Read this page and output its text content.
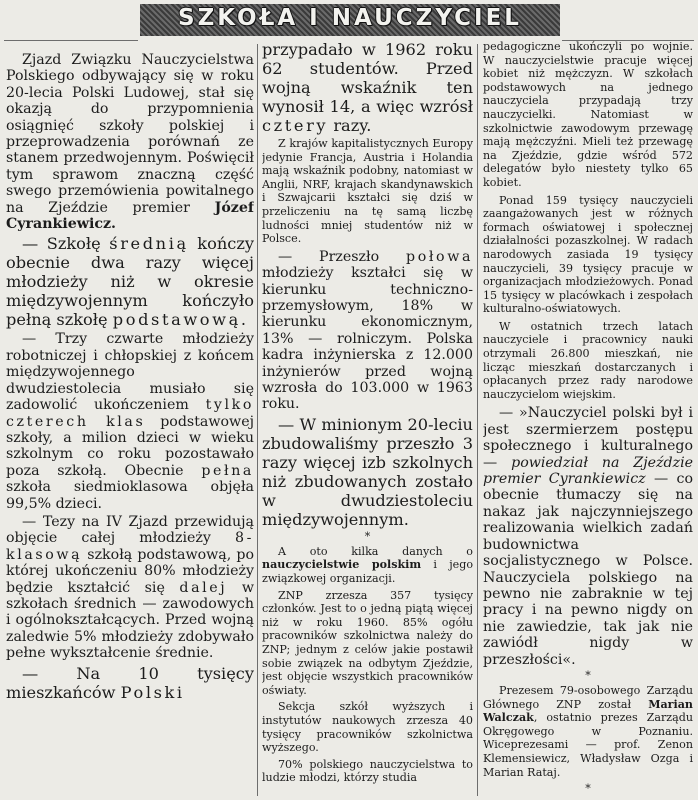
SZKOŁA I NAUCZYCIEL

Zjazd Związku Nauczycielstwa Polskiego odbywający się w roku 20-lecia Polski Ludowej, stał się okazją do przypomnienia osiągnięć szkoły polskiej i przeprowadzenia porównań ze stanem przedwojennym. Poświęcił tym sprawom znaczną część swego przemówienia powitalnego na Zjeździe premier Józef Cyrankiewicz.

— Szkołę średnią kończy obecnie dwa razy więcej młodzieży niż w okresie międzywojennym kończyło pełną szkołę podstawową.

— Trzy czwarte młodzieży robotniczej i chłopskiej z końcem międzywojennego dwudziestolecia musiało się zadowolić ukończeniem tylko czterech klas podstawowej szkoły, a milion dzieci w wieku szkolnym co roku pozostawało poza szkołą. Obecnie pełna szkoła siedmioklasowa objęła 99,5% dzieci.

— Tezy na IV Zjazd przewidują objęcie całej młodzieży 8-klasową szkołą podstawową, po której ukończeniu 80% młodzieży będzie kształcić się dalej w szkołach średnich — zawodowych i ogólnokształcących. Przed wojną zaledwie 5% młodzieży zdobywało pełne wykształcenie średnie.

— Na 10 tysięcy mieszkańców Polski

przypadało w 1962 roku 62 studentów. Przed wojną wskaźnik ten wynosił 14, a więc wzrósł cztery razy.

Z krajów kapitalistycznych Europy jedynie Francja, Austria i Holandia mają wskaźnik podobny, natomiast w Anglii, NRF, krajach skandynawskich i Szwajcarii kształci się dziś w przeliczeniu na tę samą liczbę ludności mniej studentów niż w Polsce.

— Przeszło połowa młodzieży kształci się w kierunku techniczno-przemysłowym, 18% w kierunku ekonomicznym, 13% — rolniczym. Polska kadra inżynierska z 12.000 inżynierów przed wojną wzrosła do 103.000 w 1963 roku.

— W minionym 20-leciu zbudowaliśmy przeszło 3 razy więcej izb szkolnych niż zbudowanych zostało w dwudziestoleciu międzywojennym.

*

A oto kilka danych o nauczycielstwie polskim i jego związkowej organizacji.

ZNP zrzesza 357 tysięcy członków. Jest to o jedną piątą więcej niż w roku 1960. 85% ogółu pracowników szkolnictwa należy do ZNP; jednym z celów jakie postawił sobie związek na odbytym Zjeździe, jest objęcie wszystkich pracowników oświaty.

Sekcja szkół wyższych i instytutów naukowych zrzesza 40 tysięcy pracowników szkolnictwa wyższego.

70% polskiego nauczycielstwa to ludzie młodzi, którzy studia

pedagogiczne ukończyli po wojnie. W nauczycielstwie pracuje więcej kobiet niż mężczyzn. W szkołach podstawowych na jednego nauczyciela przypadają trzy nauczycielki. Natomiast w szkolnictwie zawodowym przewagę mają mężczyźni. Mieli też przewagę na Zjeździe, gdzie wśród 572 delegatów było niestety tylko 65 kobiet.

Ponad 159 tysięcy nauczycieli zaangażowanych jest w różnych formach oświatowej i społecznej działalności pozaszkolnej. W radach narodowych zasiada 19 tysięcy nauczycieli, 39 tysięcy pracuje w organizacjach młodzieżowych. Ponad 15 tysięcy w placówkach i zespołach kulturalno-oświatowych.

W ostatnich trzech latach nauczyciele i pracownicy nauki otrzymali 26.800 mieszkań, nie licząc mieszkań dostarczanych i opłacanych przez rady narodowe nauczycielom wiejskim.

— »Nauczyciel polski był i jest szermierzem postępu społecznego i kulturalnego — powiedział na Zjeździe premier Cyrankiewicz — co obecnie tłumaczy się na nakaz jak najczynniejszego realizowania wielkich zadań budownictwa socjalistycznego w Polsce. Nauczyciela polskiego na pewno nie zabraknie w tej pracy i na pewno nigdy on nie zawiedzie, tak jak nie zawiódł nigdy w przeszłości«.

*

Prezesem 79-osobowego Zarządu Głównego ZNP został Marian Walczak, ostatnio prezes Zarządu Okręgowego w Poznaniu. Wiceprezesami — prof. Zenon Klemensiewicz, Władysław Ozga i Marian Rataj.

*
